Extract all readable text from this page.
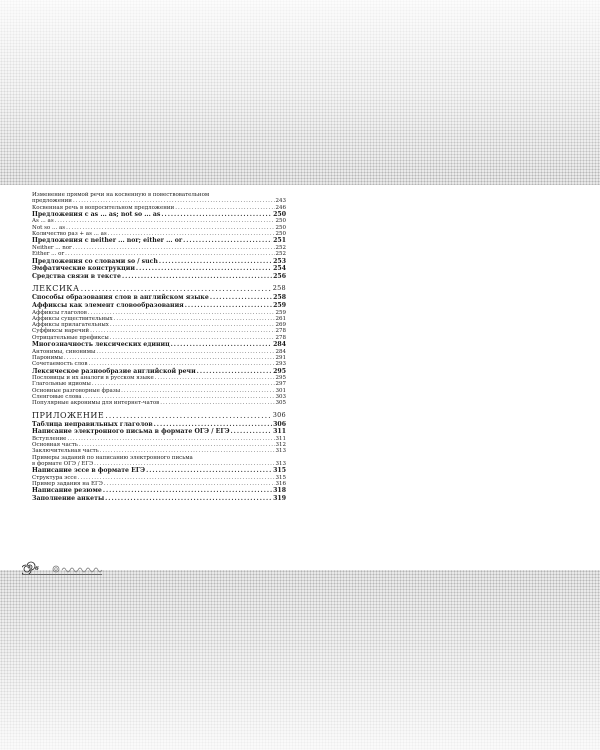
Изменение прямой речи на косвенную в повествовательном
предложении .....	243
Косвенная речь в вопросительном предложении .....	246
Предложения с as ... as; not so ... as .....	250
As ... as .....	250
Not so ... as .....	250
Количество раз + as ... as .....	250
Предложения с neither ... nor; either ... or .....	251
Neither ... nor .....	252
Either ... or .....	252
Предложения со словами so / such .....	253
Эмфатические конструкции .....	254
Средства связи в тексте .....	256
ЛЕКСИКА .....	258
Способы образования слов в английском языке .....	258
Аффиксы как элемент словообразования .....	259
Аффиксы глаголов .....	259
Аффиксы существительных .....	261
Аффиксы прилагательных .....	269
Суффиксы наречий .....	278
Отрицательные префиксы .....	278
Многозначность лексических единиц .....	284
Антонимы, синонимы .....	284
Паронимы .....	291
Сочетаемость слов .....	293
Лексическое разнообразие английской речи .....	295
Пословицы и их аналоги в русском языке .....	295
Глагольные идиомы .....	297
Основные разговорные фразы .....	301
Сленговые слова .....	303
Популярные акронимы для интернет-чатов .....	305
ПРИЛОЖЕНИЕ .....	306
Таблица неправильных глаголов .....	306
Написание электронного письма в формате ОГЭ / ЕГЭ .....	311
Вступление .....	311
Основная часть .....	312
Заключительная часть .....	313
Примеры заданий по написанию электронного письма
в формате ОГЭ / ЕГЭ .....	313
Написание эссе в формате ЕГЭ .....	315
Структура эссе .....	315
Пример задания на ЕГЭ .....	316
Написание резюме .....	318
Заполнение анкеты .....	319
6
